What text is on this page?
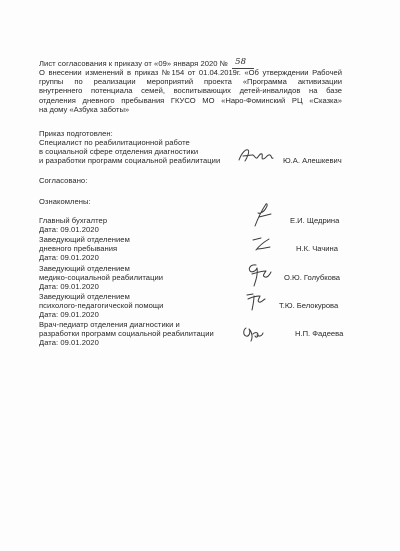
Лист согласования к приказу от «09» января 2020 № 58
О внесении изменений в приказ №154 от 01.04.2019г. «Об утверждении Рабочей
группы по реализации мероприятий проекта «Программа активизации
внутреннего потенциала семей, воспитывающих детей-инвалидов на базе
отделения дневного пребывания ГКУСО МО «Наро-Фоминский РЦ «Сказка»
на дому «Азбука заботы»
Приказ подготовлен:
Специалист по реабилитационной работе
в социальной сфере отделения диагностики
и разработки программ социальной реабилитации	Ю.А. Алешкевич
Согласовано:
Ознакомлены:
Главный бухгалтер
Дата: 09.01.2020
Е.И. Щедрина
Заведующий отделением
дневного пребывания
Дата: 09.01.2020
Н.К. Чачина
Заведующий отделением
медико-социальной реабилитации
Дата: 09.01.2020
О.Ю. Голубкова
Заведующий отделением
психолого-педагогической помощи
Дата: 09.01.2020
Т.Ю. Белокурова
Врач-педиатр отделения диагностики и
разработки программ социальной реабилитации
Дата: 09.01.2020
Н.П. Фадеева
